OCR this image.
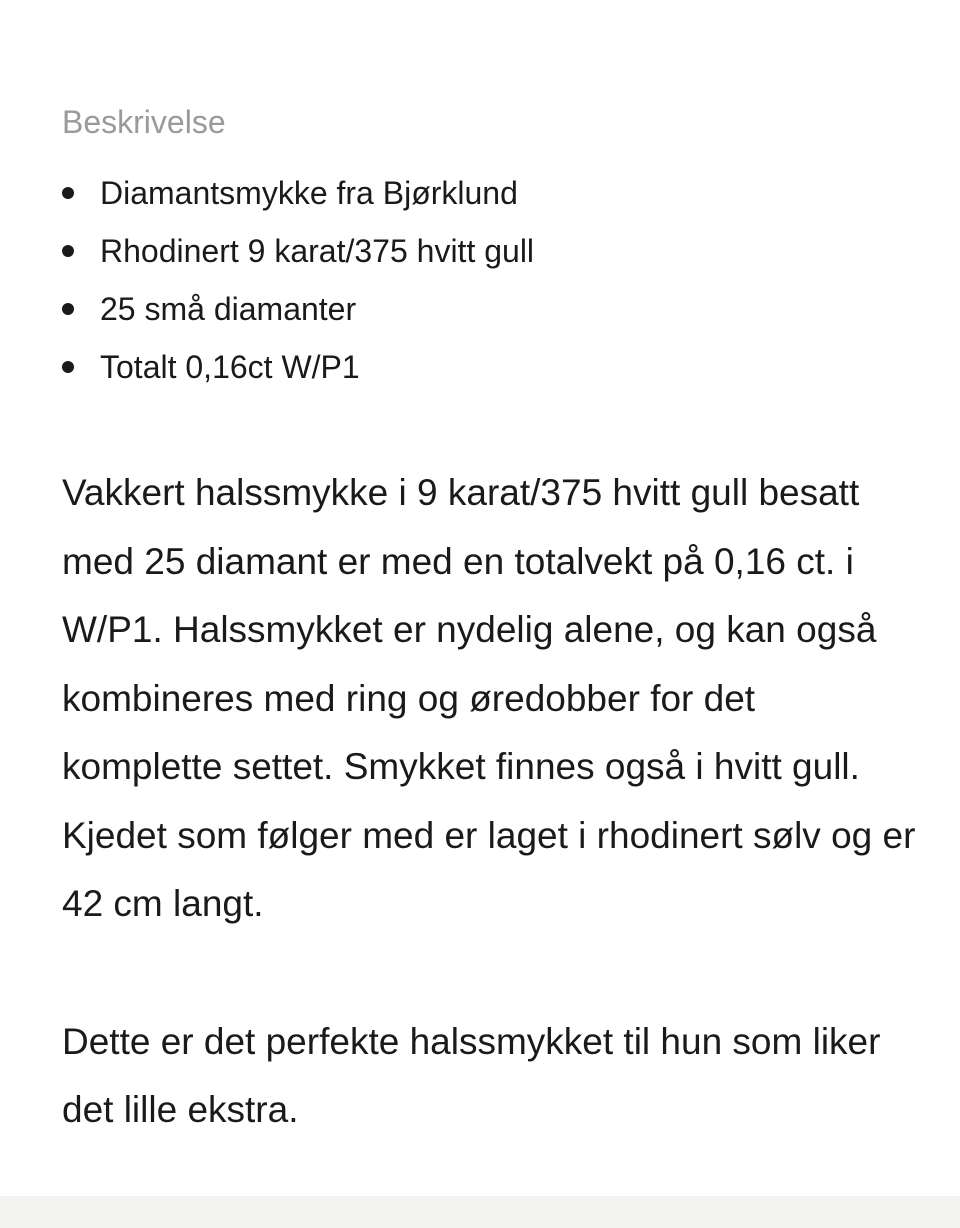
Beskrivelse
Diamantsmykke fra Bjørklund
Rhodinert 9 karat/375 hvitt gull
25 små diamanter
Totalt 0,16ct W/P1

Vakkert halssmykke i 9 karat/375 hvitt gull besatt med 25 diamant er med en totalvekt på 0,16 ct. i W/P1. Halssmykket er nydelig alene, og kan også kombineres med ring og øredobber for det komplette settet. Smykket finnes også i hvitt gull. Kjedet som følger med er laget i rhodinert sølv og er 42 cm langt.

Dette er det perfekte halssmykket til hun som liker det lille ekstra.
